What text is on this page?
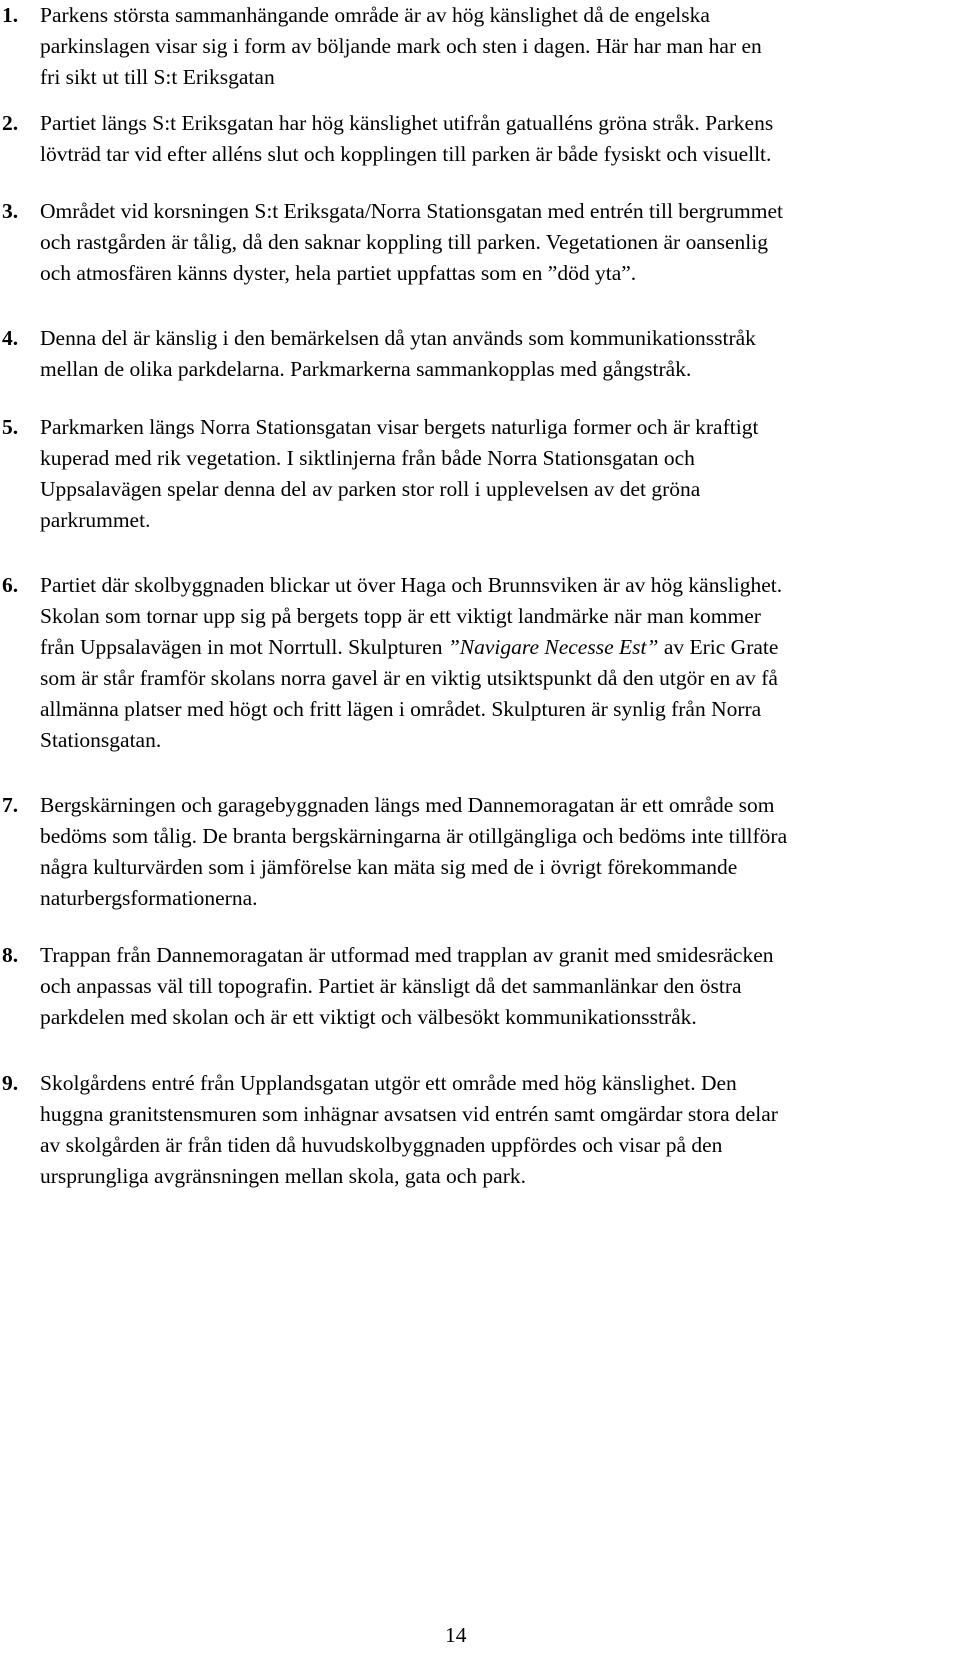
1. Parkens största sammanhängande område är av hög känslighet då de engelska
parkinslagen visar sig i form av böljande mark och sten i dagen. Här har man har en
fri sikt ut till S:t Eriksgatan
2. Partiet längs S:t Eriksgatan har hög känslighet utifrån gatualléns gröna stråk. Parkens
lövträd tar vid efter alléns slut och kopplingen till parken är både fysiskt och visuellt.
3. Området vid korsningen S:t Eriksgata/Norra Stationsgatan med entrén till bergrummet
och rastgården är tålig, då den saknar koppling till parken. Vegetationen är oansenlig
och atmosfären känns dyster, hela partiet uppfattas som en ”död yta”.
4. Denna del är känslig i den bemärkelsen då ytan används som kommunikationsstråk
mellan de olika parkdelarna. Parkmarkerna sammankopplas med gångstråk.
5. Parkmarken längs Norra Stationsgatan visar bergets naturliga former och är kraftigt
kuperad med rik vegetation. I siktlinjerna från både Norra Stationsgatan och
Uppsalavägen spelar denna del av parken stor roll i upplevelsen av det gröna
parkrummet.
6. Partiet där skolbyggnaden blickar ut över Haga och Brunnsviken är av hög känslighet.
Skolan som tornar upp sig på bergets topp är ett viktigt landmärke när man kommer
från Uppsalavägen in mot Norrtull. Skulpturen ”Navigare Necesse Est” av Eric Grate
som är står framför skolans norra gavel är en viktig utsiktspunkt då den utgör en av få
allmänna platser med högt och fritt lägen i området. Skulpturen är synlig från Norra
Stationsgatan.
7. Bergskärningen och garagebyggnaden längs med Dannemoragatan är ett område som
bedöms som tålig. De branta bergskärningarna är otillgängliga och bedöms inte tillföra
några kulturvärden som i jämförelse kan mäta sig med de i övrigt förekommande
naturbergsformationerna.
8. Trappan från Dannemoragatan är utformad med trapplan av granit med smidesräcken
och anpassas väl till topografin. Partiet är känsligt då det sammanlänkar den östra
parkdelen med skolan och är ett viktigt och välbesökt kommunikationsstråk.
9. Skolgårdens entré från Upplandsgatan utgör ett område med hög känslighet. Den
huggna granitstensmuren som inhägnar avsatsen vid entrén samt omgärdar stora delar
av skolgården är från tiden då huvudskolbyggnaden uppfördes och visar på den
ursprungliga avgränsningen mellan skola, gata och park.
14
